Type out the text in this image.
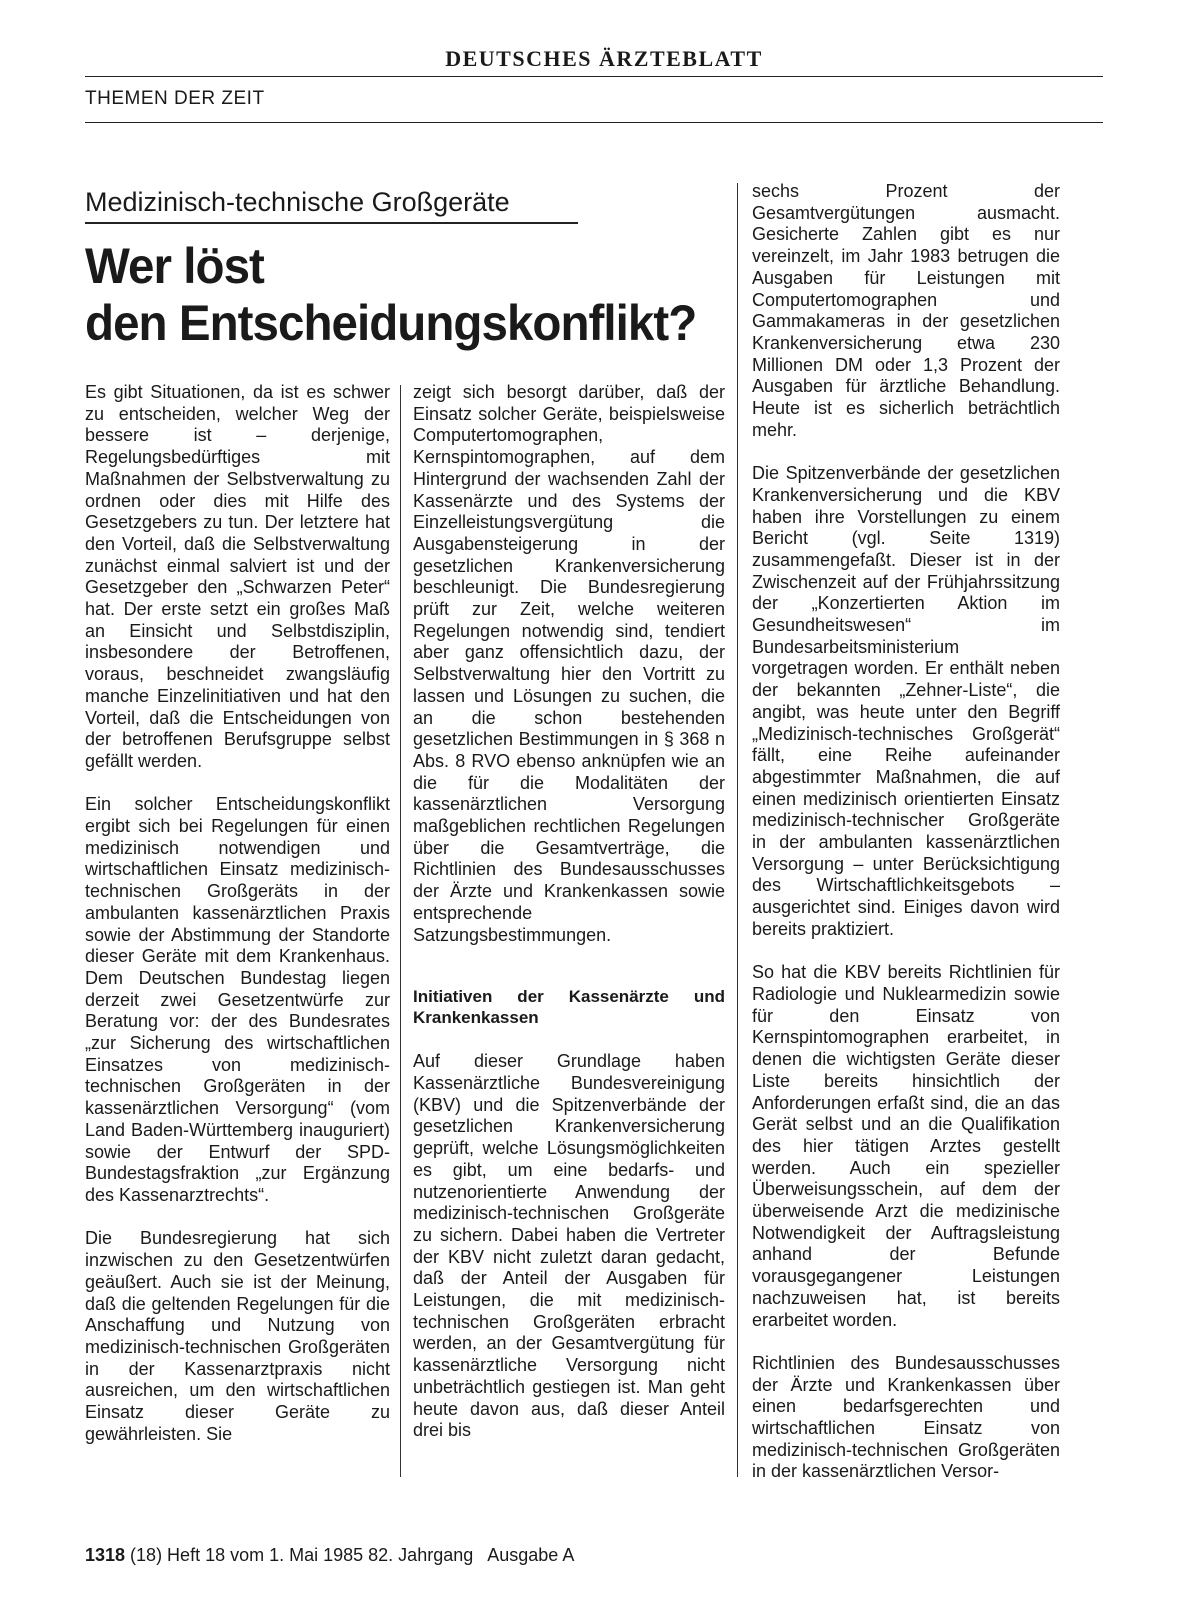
DEUTSCHES ÄRZTEBLATT
THEMEN DER ZEIT
Medizinisch-technische Großgeräte
Wer löst
den Entscheidungskonflikt?

Es gibt Situationen, da ist es schwer zu entscheiden, welcher Weg der bessere ist – derjenige, Regelungsbedürftiges mit Maßnahmen der Selbstverwaltung zu ordnen oder dies mit Hilfe des Gesetzgebers zu tun. Der letztere hat den Vorteil, daß die Selbstverwaltung zunächst einmal salviert ist und der Gesetzgeber den „Schwarzen Peter“ hat. Der erste setzt ein großes Maß an Einsicht und Selbstdisziplin, insbesondere der Betroffenen, voraus, beschneidet zwangsläufig manche Einzelinitiativen und hat den Vorteil, daß die Entscheidungen von der betroffenen Berufsgruppe selbst gefällt werden.

Ein solcher Entscheidungskonflikt ergibt sich bei Regelungen für einen medizinisch notwendigen und wirtschaftlichen Einsatz medizinisch-technischen Großgeräts in der ambulanten kassenärztlichen Praxis sowie der Abstimmung der Standorte dieser Geräte mit dem Krankenhaus. Dem Deutschen Bundestag liegen derzeit zwei Gesetzentwürfe zur Beratung vor: der des Bundesrates „zur Sicherung des wirtschaftlichen Einsatzes von medizinisch-technischen Großgeräten in der kassenärztlichen Versorgung“ (vom Land Baden-Württemberg inauguriert) sowie der Entwurf der SPD-Bundestagsfraktion „zur Ergänzung des Kassenarztrechts“.

Die Bundesregierung hat sich inzwischen zu den Gesetzentwürfen geäußert. Auch sie ist der Meinung, daß die geltenden Regelungen für die Anschaffung und Nutzung von medizinisch-technischen Großgeräten in der Kassenarztpraxis nicht ausreichen, um den wirtschaftlichen Einsatz dieser Geräte zu gewährleisten. Sie

zeigt sich besorgt darüber, daß der Einsatz solcher Geräte, beispielsweise Computertomographen, Kernspintomographen, auf dem Hintergrund der wachsenden Zahl der Kassenärzte und des Systems der Einzelleistungsvergütung die Ausgabensteigerung in der gesetzlichen Krankenversicherung beschleunigt. Die Bundesregierung prüft zur Zeit, welche weiteren Regelungen notwendig sind, tendiert aber ganz offensichtlich dazu, der Selbstverwaltung hier den Vortritt zu lassen und Lösungen zu suchen, die an die schon bestehenden gesetzlichen Bestimmungen in § 368 n Abs. 8 RVO ebenso anknüpfen wie an die für die Modalitäten der kassenärztlichen Versorgung maßgeblichen rechtlichen Regelungen über die Gesamtverträge, die Richtlinien des Bundesausschusses der Ärzte und Krankenkassen sowie entsprechende Satzungsbestimmungen.

Initiativen der Kassenärzte und Krankenkassen

Auf dieser Grundlage haben Kassenärztliche Bundesvereinigung (KBV) und die Spitzenverbände der gesetzlichen Krankenversicherung geprüft, welche Lösungsmöglichkeiten es gibt, um eine bedarfs- und nutzenorientierte Anwendung der medizinisch-technischen Großgeräte zu sichern. Dabei haben die Vertreter der KBV nicht zuletzt daran gedacht, daß der Anteil der Ausgaben für Leistungen, die mit medizinisch-technischen Großgeräten erbracht werden, an der Gesamtvergütung für kassenärztliche Versorgung nicht unbeträchtlich gestiegen ist. Man geht heute davon aus, daß dieser Anteil drei bis

sechs Prozent der Gesamtvergütungen ausmacht. Gesicherte Zahlen gibt es nur vereinzelt, im Jahr 1983 betrugen die Ausgaben für Leistungen mit Computertomographen und Gammakameras in der gesetzlichen Krankenversicherung etwa 230 Millionen DM oder 1,3 Prozent der Ausgaben für ärztliche Behandlung. Heute ist es sicherlich beträchtlich mehr.

Die Spitzenverbände der gesetzlichen Krankenversicherung und die KBV haben ihre Vorstellungen zu einem Bericht (vgl. Seite 1319) zusammengefaßt. Dieser ist in der Zwischenzeit auf der Frühjahrssitzung der „Konzertierten Aktion im Gesundheitswesen“ im Bundesarbeitsministerium vorgetragen worden. Er enthält neben der bekannten „Zehner-Liste“, die angibt, was heute unter den Begriff „Medizinisch-technisches Großgerät“ fällt, eine Reihe aufeinander abgestimmter Maßnahmen, die auf einen medizinisch orientierten Einsatz medizinisch-technischer Großgeräte in der ambulanten kassenärztlichen Versorgung – unter Berücksichtigung des Wirtschaftlichkeitsgebots – ausgerichtet sind. Einiges davon wird bereits praktiziert.

So hat die KBV bereits Richtlinien für Radiologie und Nuklearmedizin sowie für den Einsatz von Kernspintomographen erarbeitet, in denen die wichtigsten Geräte dieser Liste bereits hinsichtlich der Anforderungen erfaßt sind, die an das Gerät selbst und an die Qualifikation des hier tätigen Arztes gestellt werden. Auch ein spezieller Überweisungsschein, auf dem der überweisende Arzt die medizinische Notwendigkeit der Auftragsleistung anhand der Befunde vorausgegangener Leistungen nachzuweisen hat, ist bereits erarbeitet worden.

Richtlinien des Bundesausschusses der Ärzte und Krankenkassen über einen bedarfsgerechten und wirtschaftlichen Einsatz von medizinisch-technischen Großgeräten in der kassenärztlichen Versor-

1318 (18) Heft 18 vom 1. Mai 1985 82. Jahrgang   Ausgabe A
